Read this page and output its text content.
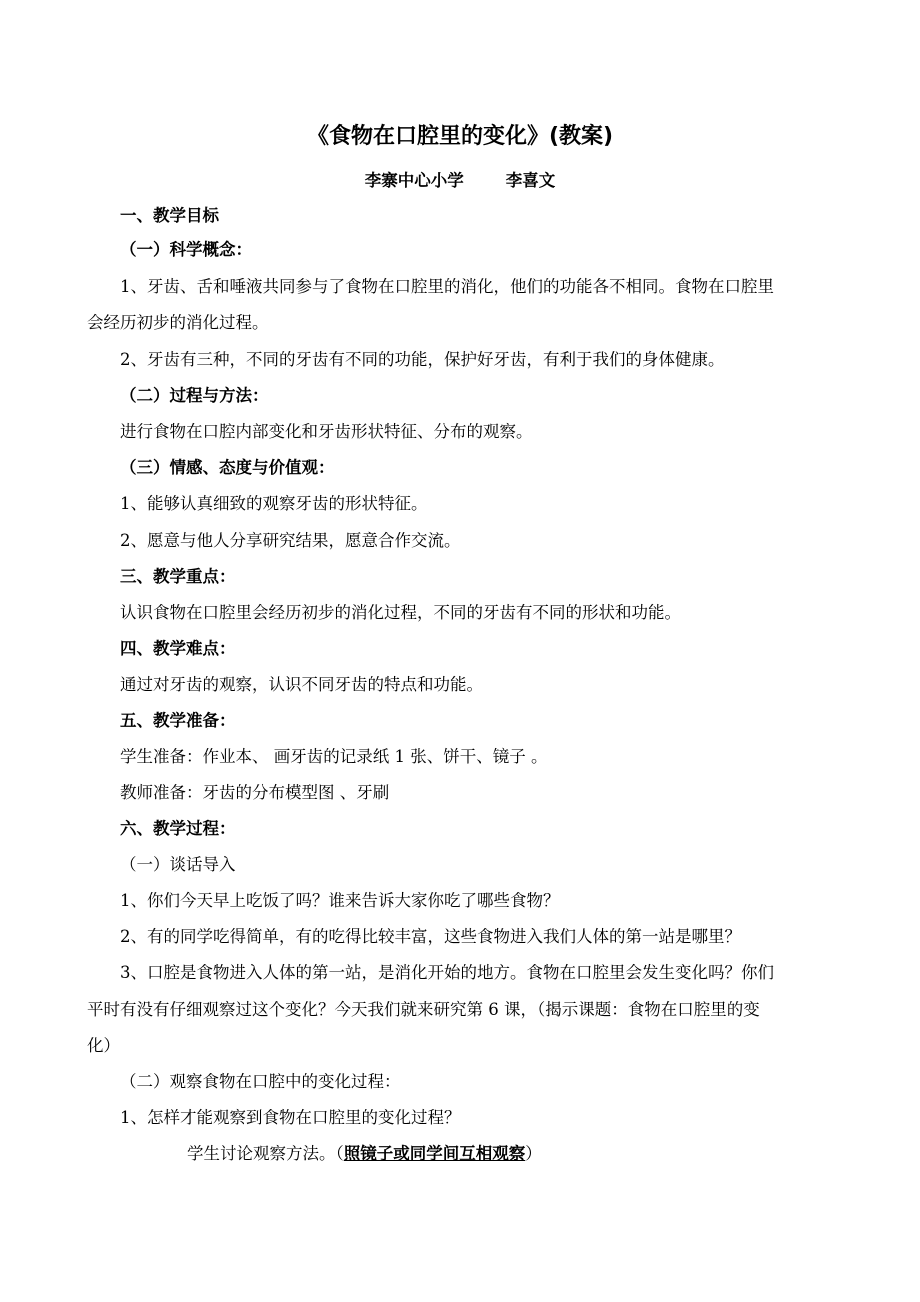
《食物在口腔里的变化》(教案)
李寨中心小学	李喜文
一、教学目标
（一）科学概念：
1、牙齿、舌和唾液共同参与了食物在口腔里的消化，他们的功能各不相同。食物在口腔里
会经历初步的消化过程。
2、牙齿有三种，不同的牙齿有不同的功能，保护好牙齿，有利于我们的身体健康。
（二）过程与方法：
进行食物在口腔内部变化和牙齿形状特征、分布的观察。
（三）情感、态度与价值观：
1、能够认真细致的观察牙齿的形状特征。
2、愿意与他人分享研究结果，愿意合作交流。
三、教学重点：
认识食物在口腔里会经历初步的消化过程，不同的牙齿有不同的形状和功能。
四、教学难点：
通过对牙齿的观察，认识不同牙齿的特点和功能。
五、教学准备：
学生准备：作业本、 画牙齿的记录纸 1 张、饼干、镜子 。
教师准备：牙齿的分布模型图 、牙刷
六、教学过程：
（一）谈话导入
1、你们今天早上吃饭了吗？谁来告诉大家你吃了哪些食物？
2、有的同学吃得简单，有的吃得比较丰富，这些食物进入我们人体的第一站是哪里？
3、口腔是食物进入人体的第一站，是消化开始的地方。食物在口腔里会发生变化吗？你们
平时有没有仔细观察过这个变化？今天我们就来研究第 6 课，（揭示课题：食物在口腔里的变
化）
（二）观察食物在口腔中的变化过程：
1、怎样才能观察到食物在口腔里的变化过程？
学生讨论观察方法。（照镜子或同学间互相观察）
